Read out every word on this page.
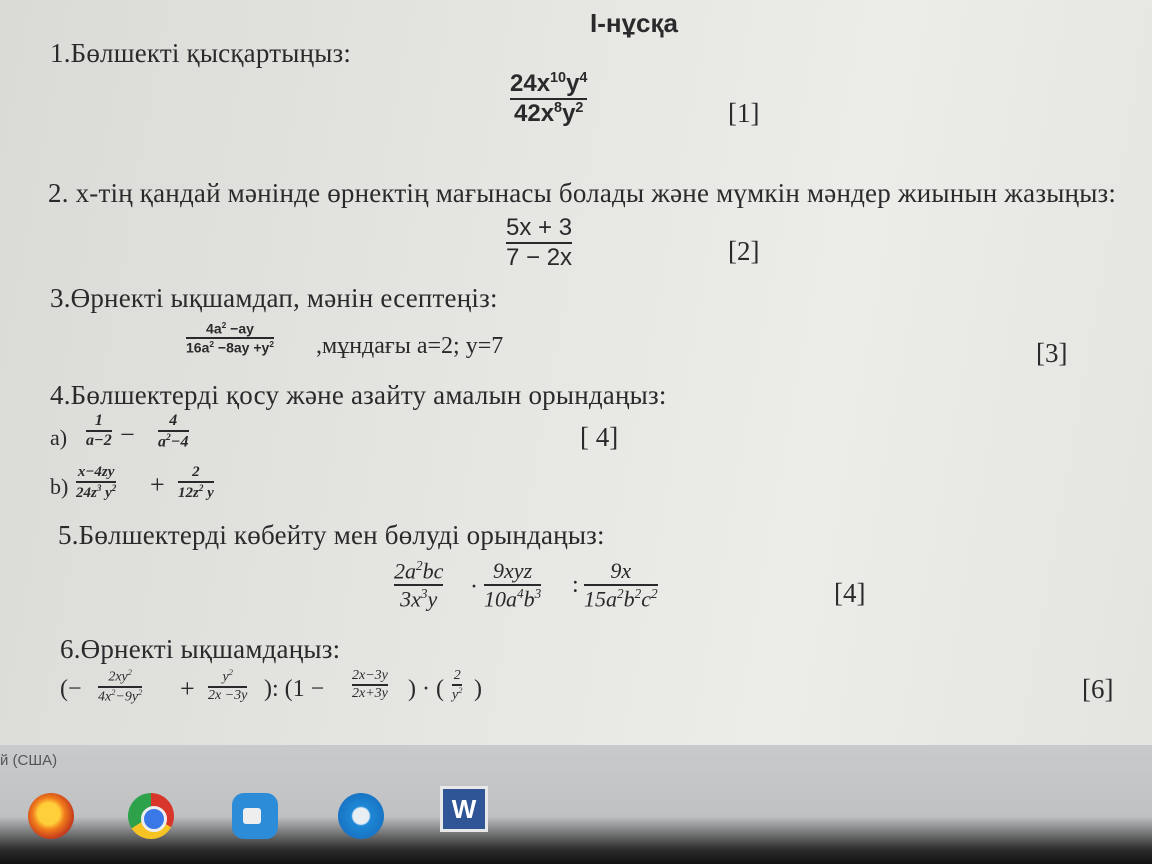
І-нұсқа
1.Бөлшекті қысқартыңыз:
$24x^{10}y^4$
$42x^8y^2$	[1]
2. x-тің қандай мәнінде өрнектің мағынасы болады және мүмкін мәндер жиынын жазыңыз:
5x + 3
7 − 2x	[2]
3.Өрнекті ықшамдап, мәнін есептеңіз:
$4a^2 -ay$
$16a^2 -8ay +y^2$ ,мұндағы a=2; y=7	[3]
4.Бөлшектерді қосу және азайту амалын орындаңыз:
a)
1
a−2 − 4
$a^2-4$	[ 4]
b)
x−4zy
$24z^3$ $y^2 + 2$
$12z^2$ y
5.Бөлшектерді көбейту мен бөлуді орындаңыз:
$2a^2bc$
$3x^3y$ ·
9xyz
$10a^4b^3$ :
9x
$15a^2b^2c^2$	[4]
6.Өрнекті ықшамдаңыз:
(− $2xy^2$
$4x^2-9y^2 + y^2$
2x −3y ): (1 −
2x−3y
2x+3y ) · (
2
$y^2$ )	[6]
й (США)
W
